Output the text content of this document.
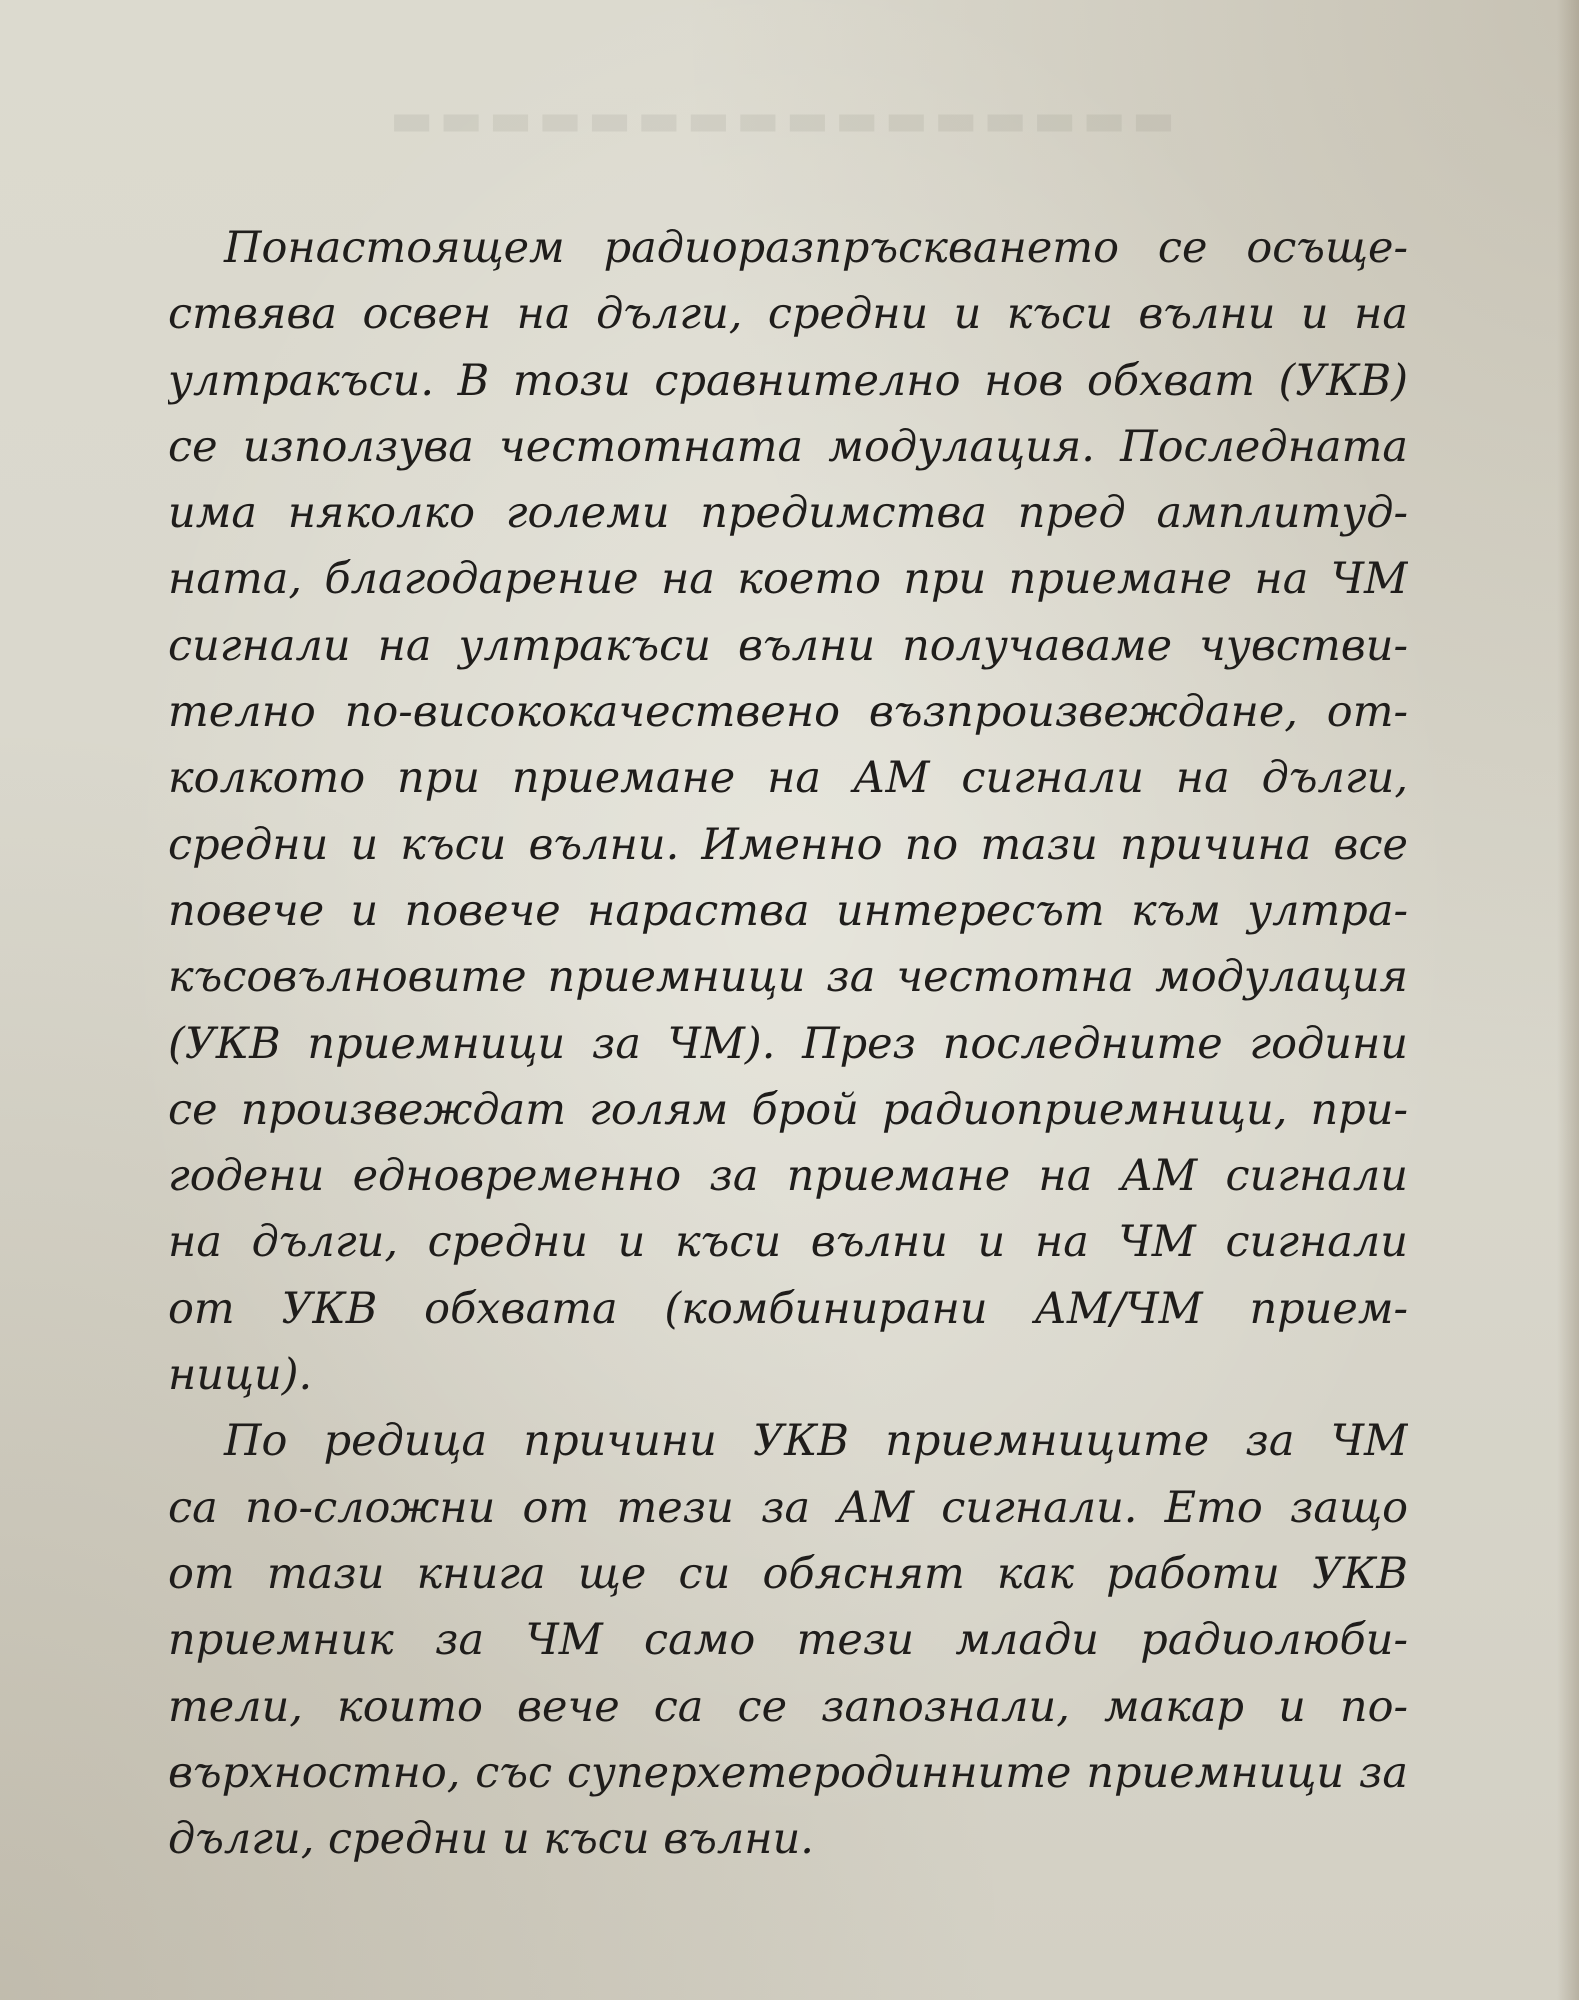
▬▬▬▬▬▬▬▬▬▬▬▬▬▬▬▬
Понастоящем радиоразпръскването се осъще-
ствява освен на дълги, средни и къси вълни и на
ултракъси. В този сравнително нов обхват (УКВ)
се използува честотната модулация. Последната
има няколко големи предимства пред амплитуд-
ната, благодарение на което при приемане на ЧМ
сигнали на ултракъси вълни получаваме чувстви-
телно по-висококачествено възпроизвеждане, от-
колкото при приемане на АМ сигнали на дълги,
средни и къси вълни. Именно по тази причина все
повече и повече нараства интересът към ултра-
късовълновите приемници за честотна модулация
(УКВ приемници за ЧМ). През последните години
се произвеждат голям брой радиоприемници, при-
годени едновременно за приемане на АМ сигнали
на дълги, средни и къси вълни и на ЧМ сигнали
от УКВ обхвата (комбинирани АМ/ЧМ прием-
ници).
По редица причини УКВ приемниците за ЧМ
са по-сложни от тези за АМ сигнали. Ето защо
от тази книга ще си обяснят как работи УКВ
приемник за ЧМ само тези млади радиолюби-
тели, които вече са се запознали, макар и по-
върхностно, със суперхетеродинните приемници за
дълги, средни и къси вълни.
